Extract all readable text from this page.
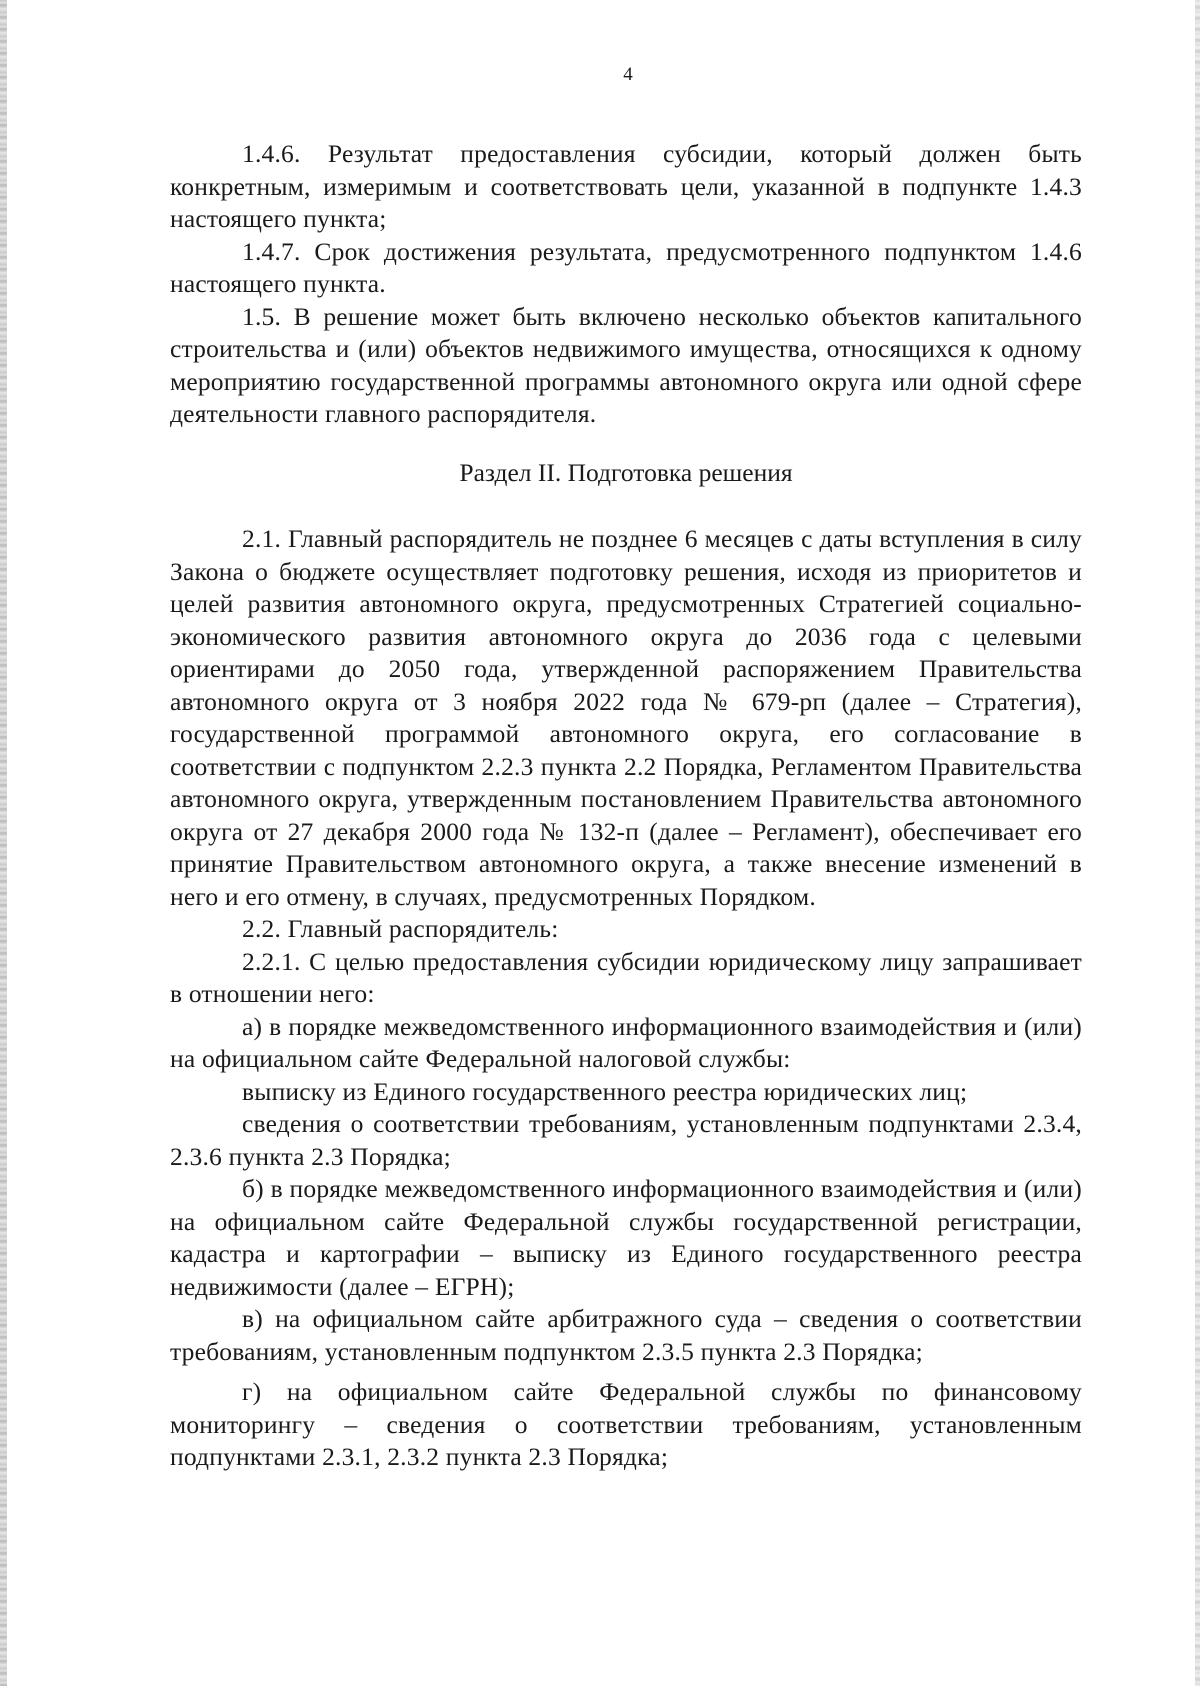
4

1.4.6. Результат предоставления субсидии, который должен быть конкретным, измеримым и соответствовать цели, указанной в подпункте 1.4.3 настоящего пункта;

1.4.7. Срок достижения результата, предусмотренного подпунктом 1.4.6 настоящего пункта.

1.5. В решение может быть включено несколько объектов капитального строительства и (или) объектов недвижимого имущества, относящихся к одному мероприятию государственной программы автономного округа или одной сфере деятельности главного распорядителя.

Раздел II. Подготовка решения

2.1. Главный распорядитель не позднее 6 месяцев с даты вступления в силу Закона о бюджете осуществляет подготовку решения, исходя из приоритетов и целей развития автономного округа, предусмотренных Стратегией социально-экономического развития автономного округа до 2036 года с целевыми ориентирами до 2050 года, утвержденной распоряжением Правительства автономного округа от 3 ноября 2022 года № 679-рп (далее – Стратегия), государственной программой автономного округа, его согласование в соответствии с подпунктом 2.2.3 пункта 2.2 Порядка, Регламентом Правительства автономного округа, утвержденным постановлением Правительства автономного округа от 27 декабря 2000 года № 132-п (далее – Регламент), обеспечивает его принятие Правительством автономного округа, а также внесение изменений в него и его отмену, в случаях, предусмотренных Порядком.

2.2. Главный распорядитель:

2.2.1. С целью предоставления субсидии юридическому лицу запрашивает в отношении него:

а) в порядке межведомственного информационного взаимодействия и (или) на официальном сайте Федеральной налоговой службы:

выписку из Единого государственного реестра юридических лиц;

сведения о соответствии требованиям, установленным подпунктами 2.3.4, 2.3.6 пункта 2.3 Порядка;

б) в порядке межведомственного информационного взаимодействия и (или) на официальном сайте Федеральной службы государственной регистрации, кадастра и картографии – выписку из Единого государственного реестра недвижимости (далее – ЕГРН);

в) на официальном сайте арбитражного суда – сведения о соответствии требованиям, установленным подпунктом 2.3.5 пункта 2.3 Порядка;

г) на официальном сайте Федеральной службы по финансовому мониторингу – сведения о соответствии требованиям, установленным подпунктами 2.3.1, 2.3.2 пункта 2.3 Порядка;
